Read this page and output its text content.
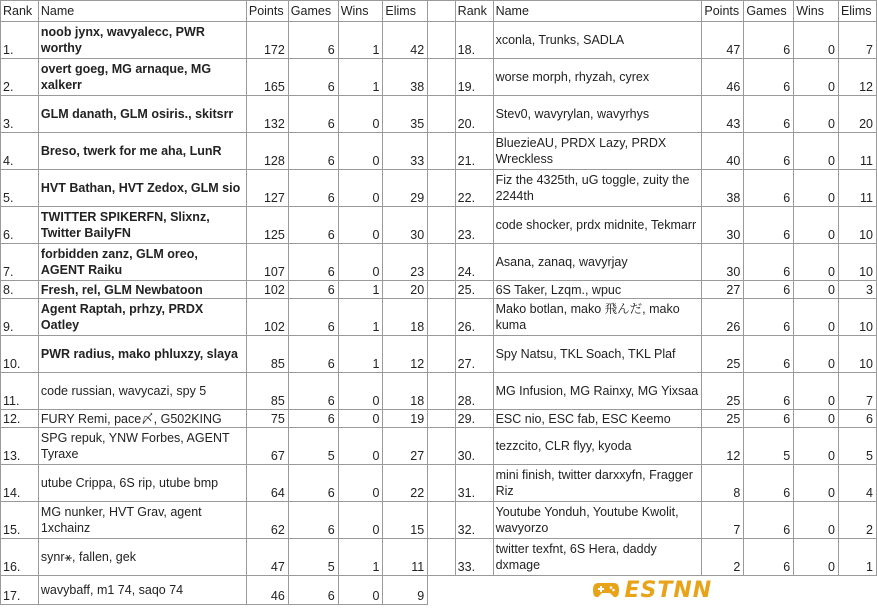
Rank	Name	Points	Games	Wins	Elims		Rank	Name	Points	Games	Wins	Elims
1.	noob jynx, wavyalecc, PWR worthy	172	6	1	42		18.	xconla, Trunks, SADLA	47	6	0	7
2.	overt goeg, MG arnaque, MG xalkerr	165	6	1	38		19.	worse morph, rhyzah, cyrex	46	6	0	12
3.	GLM danath, GLM osiris., skitsrr	132	6	0	35		20.	Stev0, wavyrylan, wavyrhys	43	6	0	20
4.	Breso, twerk for me aha, LunR	128	6	0	33		21.	BluezieAU, PRDX Lazy, PRDX Wreckless	40	6	0	11
5.	HVT Bathan, HVT Zedox, GLM sio	127	6	0	29		22.	Fiz the 4325th, uG toggle, zuity the 2244th	38	6	0	11
6.	TWITTER SPIKERFN, Slixnz, Twitter BailyFN	125	6	0	30		23.	code shocker, prdx midnite, Tekmarr	30	6	0	10
7.	forbidden zanz, GLM oreo, AGENT Raiku	107	6	0	23		24.	Asana, zanaq, wavyrjay	30	6	0	10
8.	Fresh, rel, GLM Newbatoon	102	6	1	20		25.	6S Taker, Lzqm., wpuc	27	6	0	3
9.	Agent Raptah, prhzy, PRDX Oatley	102	6	1	18		26.	Mako botlan, mako 飛んだ, mako kuma	26	6	0	10
10.	PWR radius, mako phluxzy, slaya	85	6	1	12		27.	Spy Natsu, TKL Soach, TKL Plaf	25	6	0	10
11.	code russian, wavycazi, spy 5	85	6	0	18		28.	MG Infusion, MG Rainxy, MG Yixsaa	25	6	0	7
12.	FURY Remi, pace〆, G502KING	75	6	0	19		29.	ESC nio, ESC fab, ESC Keemo	25	6	0	6
13.	SPG repuk, YNW Forbes, AGENT Tyraxe	67	5	0	27		30.	tezzcito, CLR flyy, kyoda	12	5	0	5
14.	utube Crippa, 6S rip, utube bmp	64	6	0	22		31.	mini finish, twitter darxxyfn, Fragger Riz	8	6	0	4
15.	MG nunker, HVT Grav, agent 1xchainz	62	6	0	15		32.	Youtube Yonduh, Youtube Kwolit, wavyorzo	7	6	0	2
16.	synr⚹, fallen, gek	47	5	1	11		33.	twitter texfnt, 6S Hera, daddy dxmage	2	6	0	1
17.	wavybaff, m1 74, saqo 74	46	6	0	9	ESTNN						
